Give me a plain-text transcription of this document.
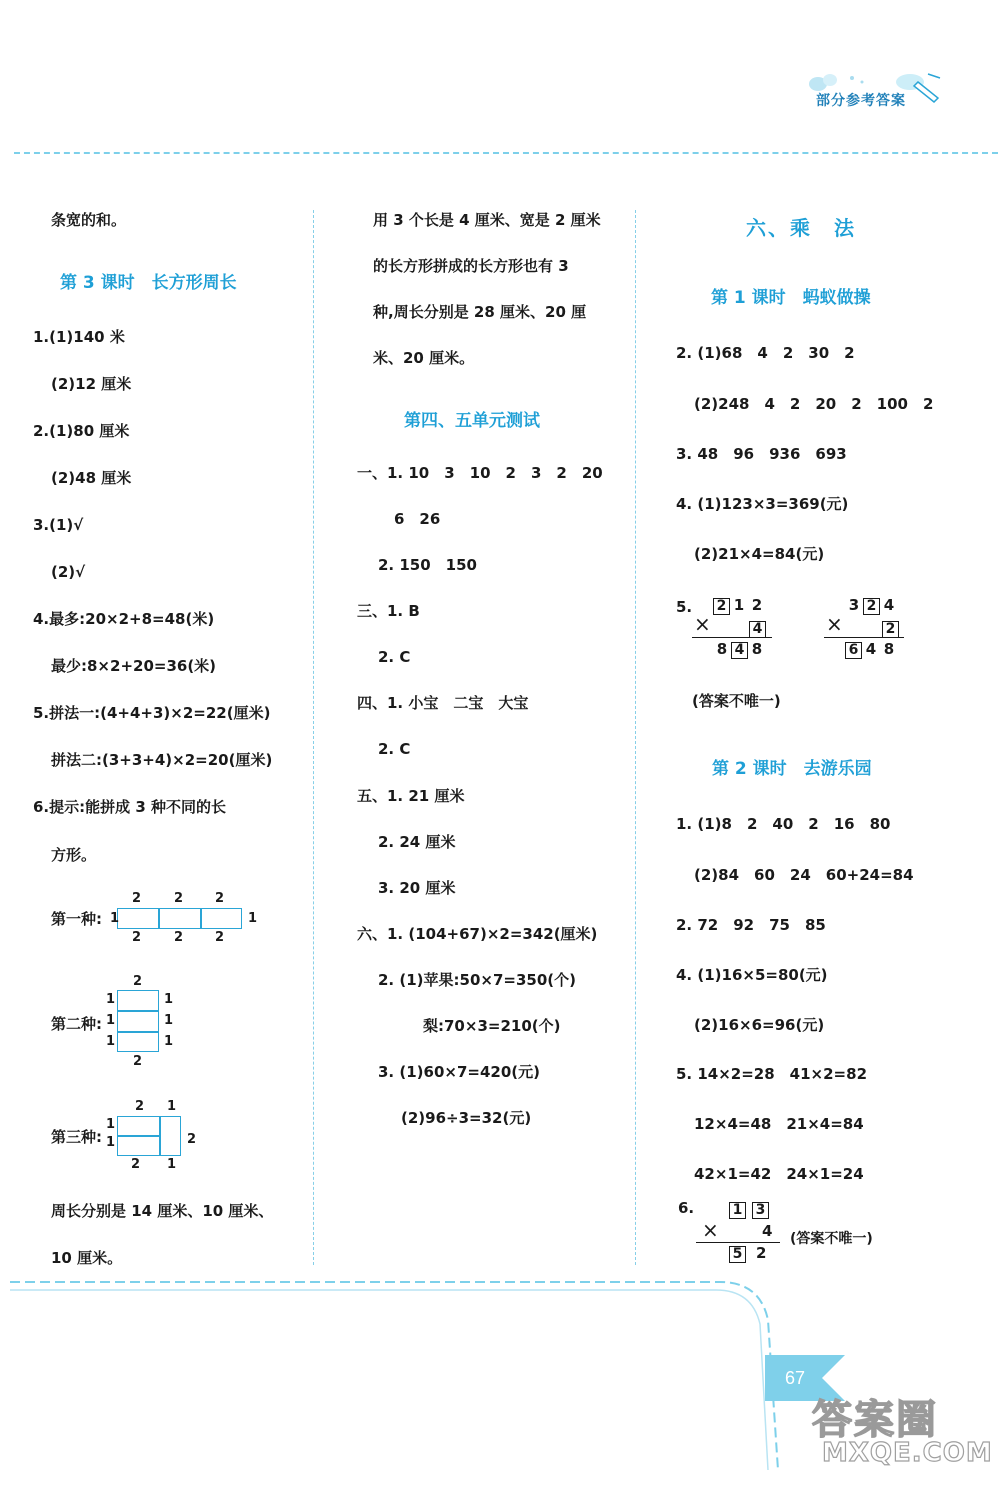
部分参考答案
条宽的和。
第 3 课时　长方形周长
1.(1)140 米
(2)12 厘米
2.(1)80 厘米
(2)48 厘米
3.(1)√
(2)√
4.最多:20×2+8=48(米)
最少:8×2+20=36(米)
5.拼法一:(4+4+3)×2=22(厘米)
拼法二:(3+3+4)×2=20(厘米)
6.提示:能拼成 3 种不同的长
方形。
第一种:
2	2 2
1	1
2	2 2
第二种:
2
2
1
1
1
1
1
1
第三种:
2 1
1
1	2
2 1
周长分别是 14 厘米、10 厘米、
10 厘米。
用 3 个长是 4 厘米、宽是 2 厘米
的长方形拼成的长方形也有 3
种,周长分别是 28 厘米、20 厘
米、20 厘米。
第四、五单元测试
一、1. 10　3　10　2　3　2　20
6　26
2. 150　150
三、1. B
2. C
四、1. 小宝　二宝　大宝
2. C
五、1. 21 厘米
2. 24 厘米
3. 20 厘米
六、1. (104+67)×2=342(厘米)
2. (1)苹果:50×7=350(个)
梨:70×3=210(个)
3. (1)60×7=420(元)
(2)96÷3=32(元)
六、乘　法
第 1 课时　蚂蚁做操
2. (1)68　4　2　30　2
(2)248　4　2　20　2　100　2
3. 48　96　936　693
4. (1)123×3=369(元)
(2)21×4=84(元)
5. 2 1 2
×	4
8 4 8
3 2 4
×	2
6 4 8
(答案不唯一)
第 2 课时　去游乐园
1. (1)8　2　40　2　16　80
(2)84　60　24　60+24=84
2. 72　92　75　85
4. (1)16×5=80(元)
(2)16×6=96(元)
5. 14×2=28　41×2=82
12×4=48　21×4=84
42×1=42　24×1=24
6.	1 3
×	4
5 2
(答案不唯一)
67
答案圈
MXQE.COM
